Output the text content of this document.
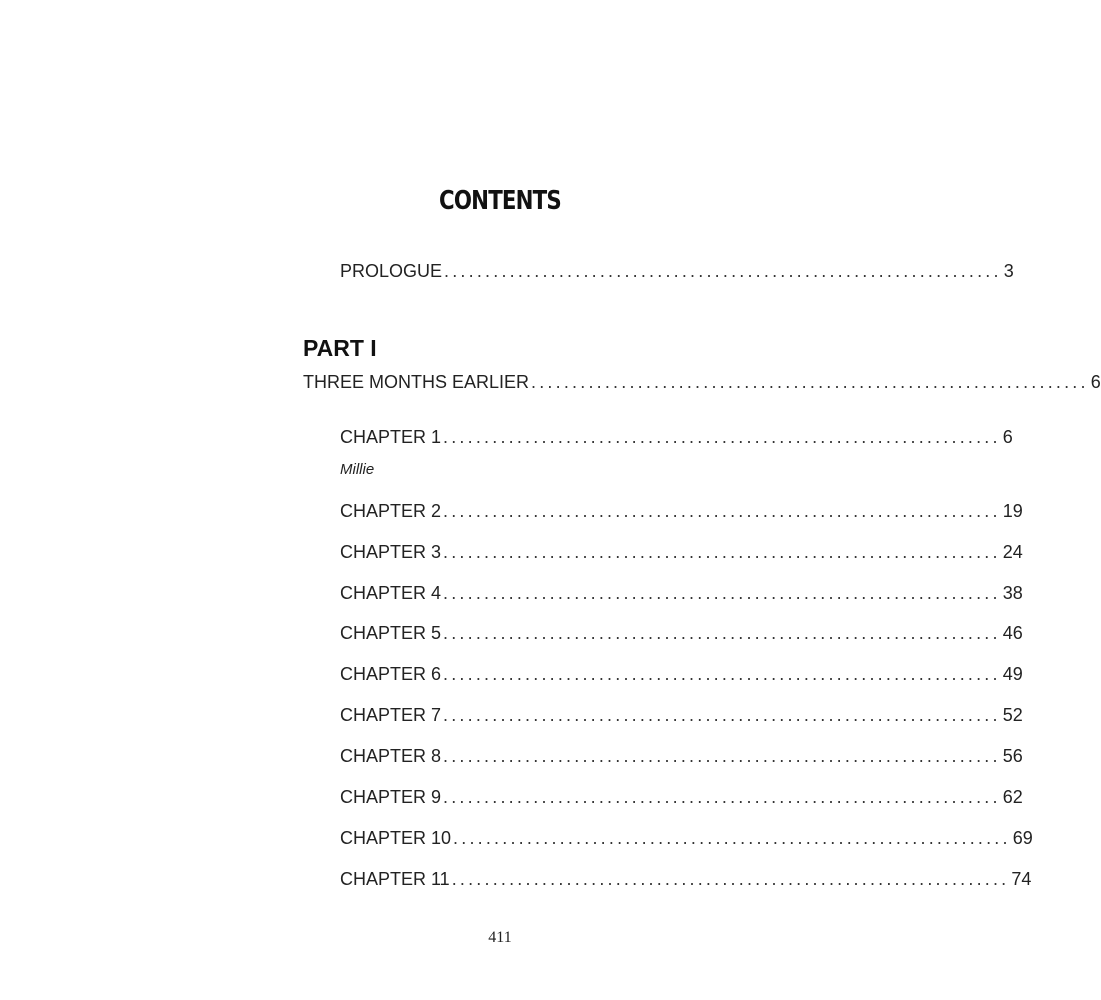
CONTENTS
PROLOGUE .................................................................... 3
PART I
THREE MONTHS EARLIER .................................................................... 6
CHAPTER 1 .................................................................... 6
Millie
CHAPTER 2 .................................................................... 19
CHAPTER 3 .................................................................... 24
CHAPTER 4 .................................................................... 38
CHAPTER 5 .................................................................... 46
CHAPTER 6 .................................................................... 49
CHAPTER 7 .................................................................... 52
CHAPTER 8 .................................................................... 56
CHAPTER 9 .................................................................... 62
CHAPTER 10 .................................................................... 69
CHAPTER 11 .................................................................... 74
411
